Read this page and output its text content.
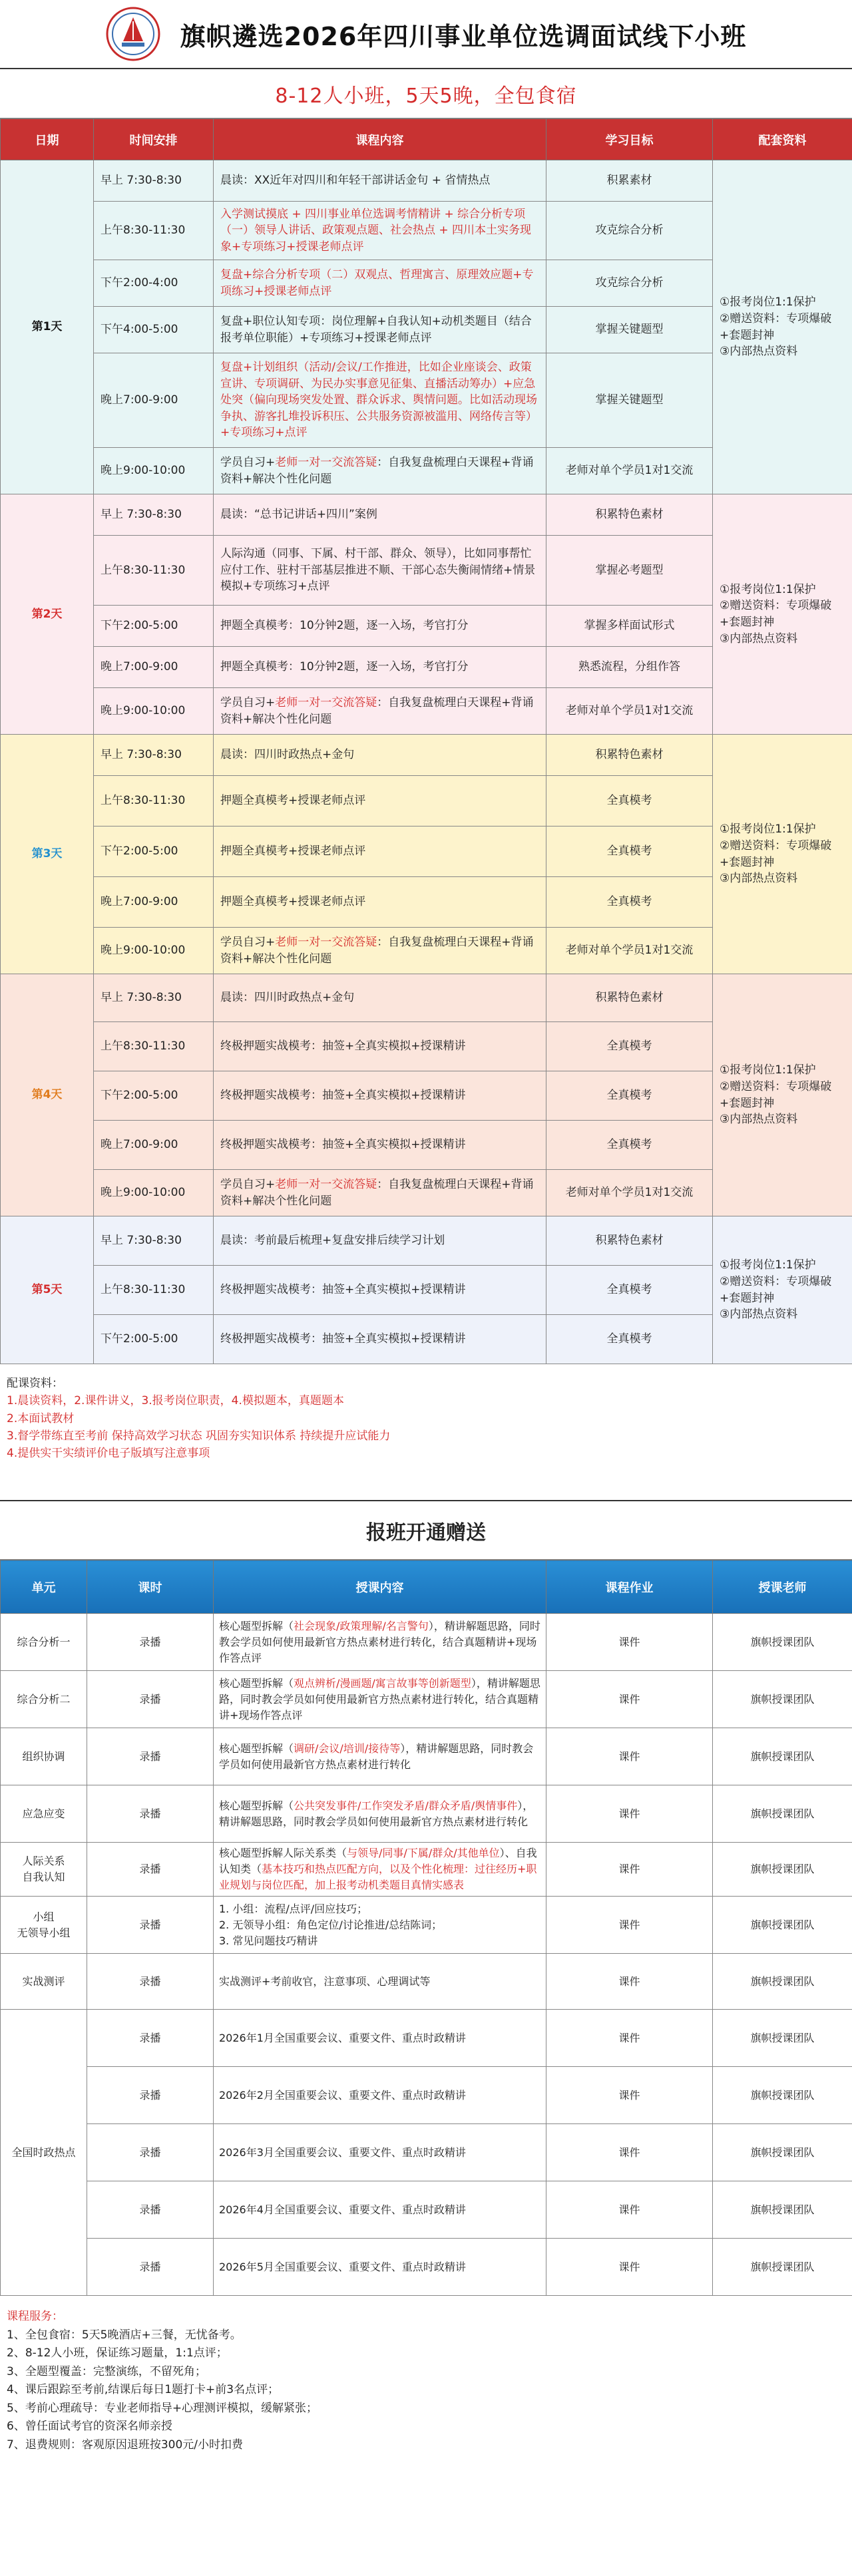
旗帜遴选2026年四川事业单位选调面试线下小班
8-12人小班，5天5晚，全包食宿
日期	时间安排	课程内容	学习目标	配套资料
第1天	早上 7:30-8:30	晨读：XX近年对四川和年轻干部讲话金句 + 省情热点	积累素材	①报考岗位1:1保护
②赠送资料：专项爆破+套题封神
③内部热点资料
	上午8:30-11:30	入学测试摸底 + 四川事业单位选调考情精讲 + 综合分析专项（一）领导人讲话、政策观点题、社会热点 + 四川本土实务现象+专项练习+授课老师点评	攻克综合分析	
	下午2:00-4:00	复盘+综合分析专项（二）双观点、哲理寓言、原理效应题+专项练习+授课老师点评	攻克综合分析	
	下午4:00-5:00	复盘+职位认知专项：岗位理解+自我认知+动机类题目（结合报考单位职能）+专项练习+授课老师点评	掌握关键题型	
	晚上7:00-9:00	复盘+计划组织（活动/会议/工作推进，比如企业座谈会、政策宣讲、专项调研、为民办实事意见征集、直播活动筹办）+应急处突（偏向现场突发处置、群众诉求、舆情问题。比如活动现场争执、游客扎堆投诉积压、公共服务资源被滥用、网络传言等）+专项练习+点评	掌握关键题型	
	晚上9:00-10:00	学员自习+老师一对一交流答疑：自我复盘梳理白天课程+背诵资料+解决个性化问题	老师对单个学员1对1交流	
第2天	早上 7:30-8:30	晨读：“总书记讲话+四川”案例	积累特色素材	①报考岗位1:1保护
②赠送资料：专项爆破+套题封神
③内部热点资料
	上午8:30-11:30	人际沟通（同事、下属、村干部、群众、领导），比如同事帮忙应付工作、驻村干部基层推进不顺、干部心态失衡闹情绪+情景模拟+专项练习+点评	掌握必考题型	
	下午2:00-5:00	押题全真模考：10分钟2题，逐一入场，考官打分	掌握多样面试形式	
	晚上7:00-9:00	押题全真模考：10分钟2题，逐一入场，考官打分	熟悉流程，分组作答	
	晚上9:00-10:00	学员自习+老师一对一交流答疑：自我复盘梳理白天课程+背诵资料+解决个性化问题	老师对单个学员1对1交流	
第3天	早上 7:30-8:30	晨读：四川时政热点+金句	积累特色素材	①报考岗位1:1保护
②赠送资料：专项爆破+套题封神
③内部热点资料
	上午8:30-11:30	押题全真模考+授课老师点评	全真模考	
	下午2:00-5:00	押题全真模考+授课老师点评	全真模考	
	晚上7:00-9:00	押题全真模考+授课老师点评	全真模考	
	晚上9:00-10:00	学员自习+老师一对一交流答疑：自我复盘梳理白天课程+背诵资料+解决个性化问题	老师对单个学员1对1交流	
第4天	早上 7:30-8:30	晨读：四川时政热点+金句	积累特色素材	①报考岗位1:1保护
②赠送资料：专项爆破+套题封神
③内部热点资料
	上午8:30-11:30	终极押题实战模考：抽签+全真实模拟+授课精讲	全真模考	
	下午2:00-5:00	终极押题实战模考：抽签+全真实模拟+授课精讲	全真模考	
	晚上7:00-9:00	终极押题实战模考：抽签+全真实模拟+授课精讲	全真模考	
	晚上9:00-10:00	学员自习+老师一对一交流答疑：自我复盘梳理白天课程+背诵资料+解决个性化问题	老师对单个学员1对1交流	
第5天	早上 7:30-8:30	晨读：考前最后梳理+复盘安排后续学习计划	积累特色素材	①报考岗位1:1保护
②赠送资料：专项爆破+套题封神
③内部热点资料
	上午8:30-11:30	终极押题实战模考：抽签+全真实模拟+授课精讲	全真模考	
	下午2:00-5:00	终极押题实战模考：抽签+全真实模拟+授课精讲	全真模考	
配课资料：
1.晨读资料，2.课件讲义，3.报考岗位职责，4.模拟题本，真题题本
2.本面试教材
3.督学带练直至考前 保持高效学习状态 巩固夯实知识体系 持续提升应试能力
4.提供实干实绩评价电子版填写注意事项
报班开通赠送
单元	课时	授课内容	课程作业	授课老师
综合分析一	录播	核心题型拆解（社会现象/政策理解/名言警句），精讲解题思路，同时教会学员如何使用最新官方热点素材进行转化，结合真题精讲+现场作答点评	课件	旗帜授课团队
综合分析二	录播	核心题型拆解（观点辨析/漫画题/寓言故事等创新题型），精讲解题思路，同时教会学员如何使用最新官方热点素材进行转化，结合真题精讲+现场作答点评	课件	旗帜授课团队
组织协调	录播	核心题型拆解（调研/会议/培训/接待等），精讲解题思路，同时教会学员如何使用最新官方热点素材进行转化	课件	旗帜授课团队
应急应变	录播	核心题型拆解（公共突发事件/工作突发矛盾/群众矛盾/舆情事件），精讲解题思路，同时教会学员如何使用最新官方热点素材进行转化	课件	旗帜授课团队
人际关系
自我认知	录播	核心题型拆解人际关系类（与领导/同事/下属/群众/其他单位）、自我认知类（基本技巧和热点匹配方向，以及个性化梳理：过往经历+职业规划与岗位匹配，加上报考动机类题目真情实感表	课件	旗帜授课团队
小组
无领导小组	录播	1. 小组：流程/点评/回应技巧；
2. 无领导小组：角色定位/讨论推进/总结陈词；
3. 常见问题技巧精讲	课件	旗帜授课团队
实战测评	录播	实战测评+考前收官，注意事项、心理调试等	课件	旗帜授课团队
全国时政热点	录播	2026年1月全国重要会议、重要文件、重点时政精讲	课件	旗帜授课团队
	录播	2026年2月全国重要会议、重要文件、重点时政精讲	课件	旗帜授课团队
	录播	2026年3月全国重要会议、重要文件、重点时政精讲	课件	旗帜授课团队
	录播	2026年4月全国重要会议、重要文件、重点时政精讲	课件	旗帜授课团队
	录播	2026年5月全国重要会议、重要文件、重点时政精讲	课件	旗帜授课团队
课程服务：
1、全包食宿：5天5晚酒店+三餐，无忧备考。
2、8-12人小班，保证练习题量，1:1点评；
3、全题型覆盖：完整演练，不留死角；
4、课后跟踪至考前,结课后每日1题打卡+前3名点评；
5、考前心理疏导：专业老师指导+心理测评模拟，缓解紧张；
6、曾任面试考官的资深名师亲授
7、退费规则：客观原因退班按300元/小时扣费
